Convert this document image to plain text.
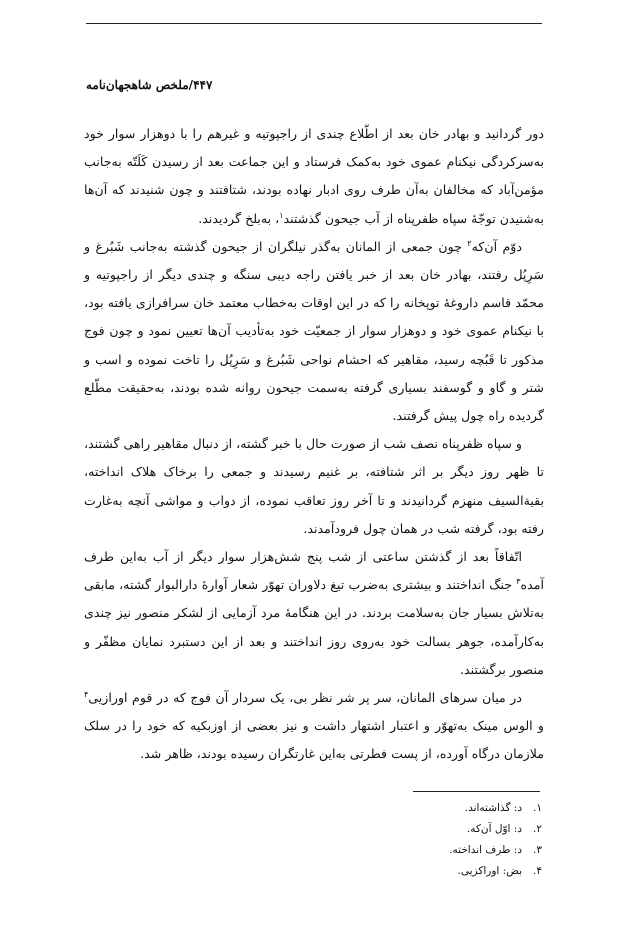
۴۴۷/ملخص شاهجهان‌نامه

دور گردانید و بهادر خان بعد از اطّلاع چندی از راجپوتیه و غیرهم را با دوهزار سوار خود به‌سرکردگی نیکنام عموی خود به‌کمک فرستاد و این جماعت بعد از رسیدن کَلَتّه به‌جانب مؤمن‌آباد که مخالفان به‌آن طرف روی ادبار نهاده بودند، شتافتند و چون شنیدند که آن‌ها به‌شنیدن توجّهٔ سپاه ظفرپناه از آب جیحون گذشتند$^۱$، به‌بلخ گردیدند.

دوّم آن‌که$^۲$ چون جمعی از المانان به‌گذر نیلگران از جیحون گذشته به‌جانب شَبُرغ و سَرِپُل رفتند، بهادر خان بعد از خبر یافتن راجه دیبی سنگه و چندی دیگر از راجپوتیه و محمّد قاسم داروغهٔ توپخانه را که در این اوقات به‌خطاب معتمد خان سرافرازی یافته بود، با نیکنام عموی خود و دوهزار سوار از جمعیّت خود به‌تأدیب آن‌ها تعیین نمود و چون فوج مذکور تا قَبُچه رسید، مقاهیر که احشام نواحی شَبُرغ و سَرِپُل را تاخت نموده و اسب و شتر و گاو و گوسفند بسیاری گرفته به‌سمت جیحون روانه شده بودند، به‌حقیقت مطّلع گردیده راه چول پیش گرفتند.

و سپاه ظفرپناه نصف شب از صورت حال با خبر گشته، از دنبال مقاهیر راهی گشتند، تا ظهر روز دیگر بر اثر شتافته، بر غنیم رسیدند و جمعی را برخاک هلاک انداخته، بقیةالسیف منهزم گردانیدند و تا آخر روز تعاقب نموده، از دواب و مواشی آنچه به‌غارت رفته بود، گرفته شب در همان چول فرودآمدند.

اتّفاقاً بعد از گذشتن ساعتی از شب پنج شش‌هزار سوار دیگر از آب به‌این طرف آمده$^۳$ جنگ انداختند و بیشتری به‌ضرب تیغ دلاوران تهوّر شعار آوارهٔ دارالبوار گشته، مابقی به‌تلاش بسیار جان به‌سلامت بردند. در این هنگامهٔ مرد آزمایی از لشکر منصور نیز چندی به‌کارآمده، جوهر بسالت خود به‌روی روز انداختند و بعد از این دستبرد نمایان مظفّر و منصور برگشتند.

در میان سرهای المانان، سر پر شر نظر بی، یک سردار آن فوج که در قوم اورازیی$^۴$ و الوس مینک به‌تهوّر و اعتبار اشتهار داشت و نیز بعضی از اوزبکیه که خود را در سلک ملازمان درگاه آورده، از پست فطرتی به‌این غارتگران رسیده بودند، ظاهر شد.

۱.د: گذاشته‌اند.
۲.د: اوّل آن‌که.
۳.د: طرف انداخته.
۴.بض: اوراکزیی.
